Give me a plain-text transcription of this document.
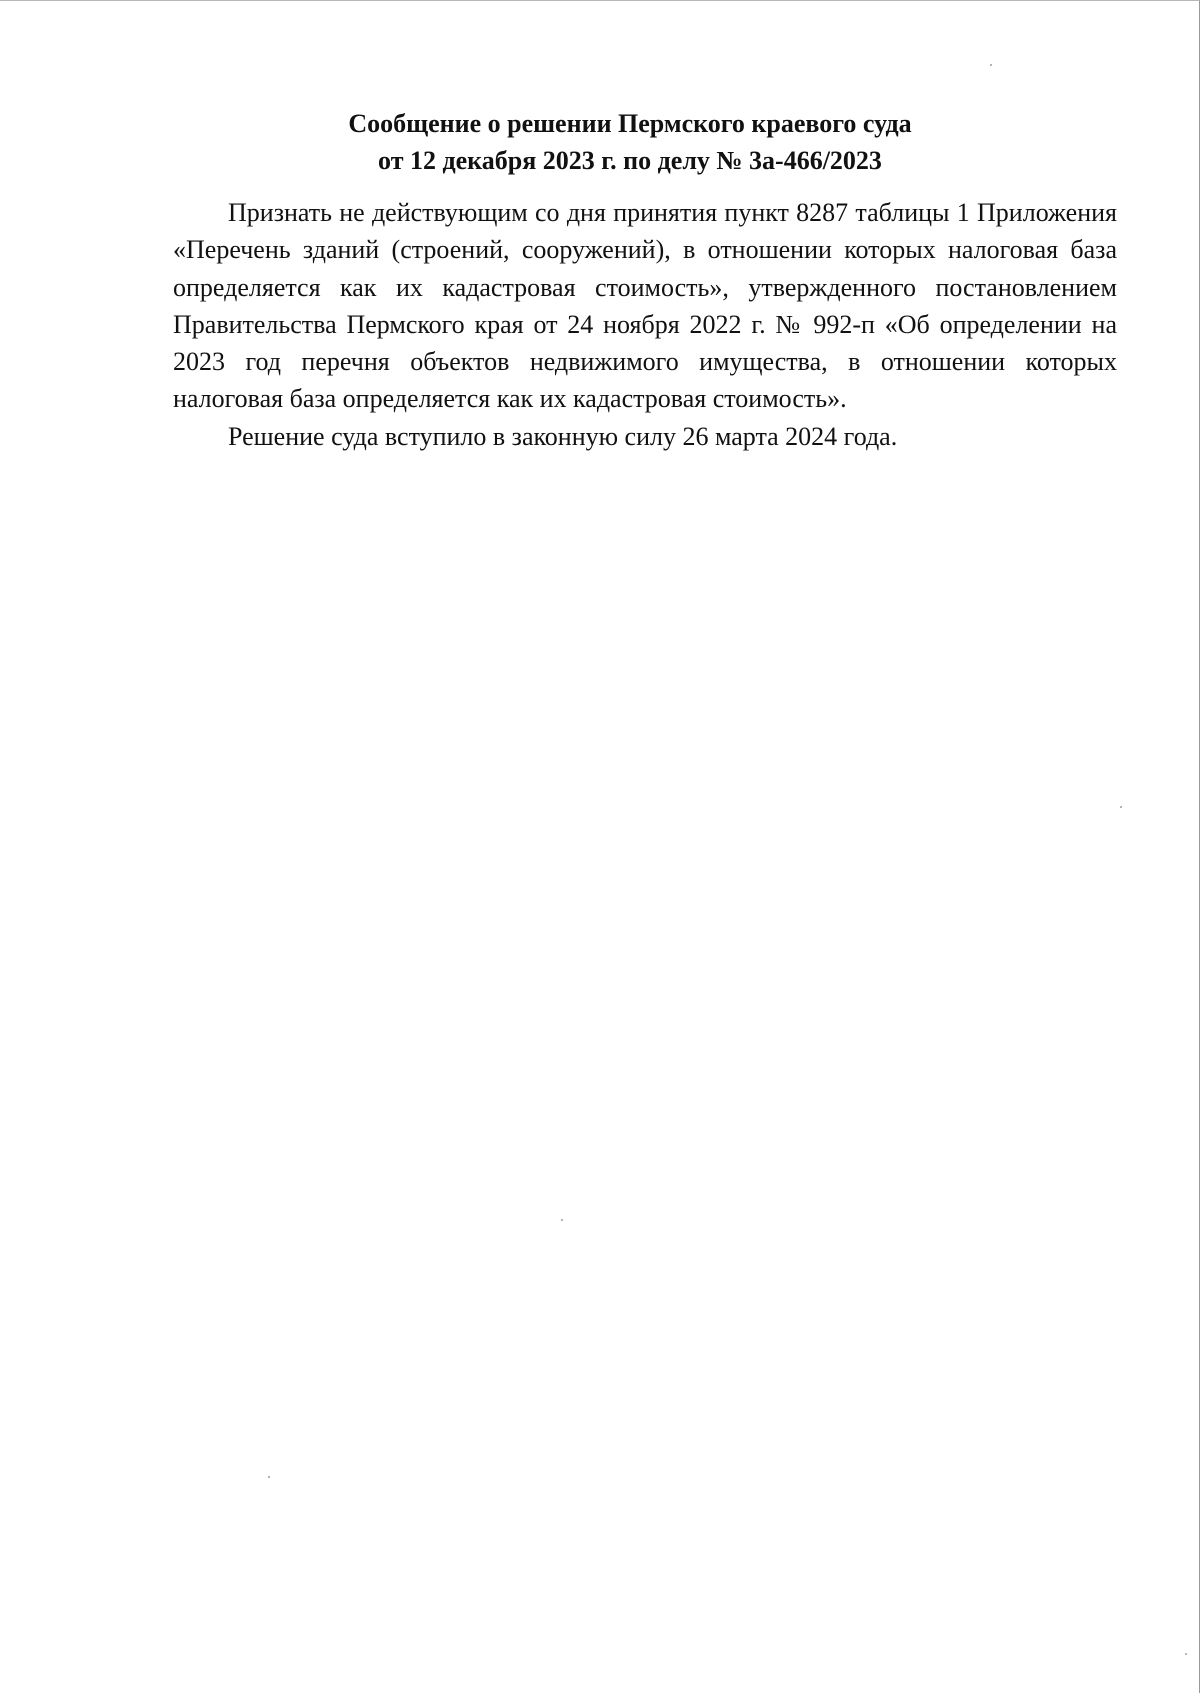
Сообщение о решении Пермского краевого суда
от 12 декабря 2023 г. по делу № 3а-466/2023

Признать не действующим со дня принятия пункт 8287 таблицы 1 Приложения «Перечень зданий (строений, сооружений), в отношении которых налоговая база определяется как их кадастровая стоимость», утвержденного постановлением Правительства Пермского края от 24 ноября 2022 г. № 992-п «Об определении на 2023 год перечня объектов недвижимого имущества, в отношении которых налоговая база определяется как их кадастровая стоимость».

Решение суда вступило в законную силу 26 марта 2024 года.
